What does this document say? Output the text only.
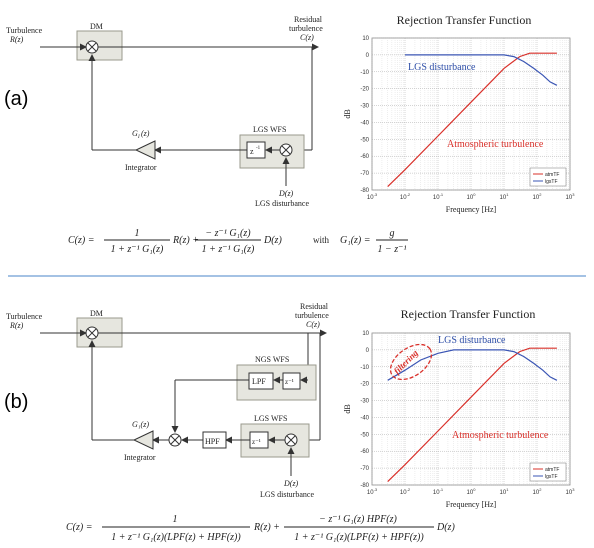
(a)
Turbulence
R(z)
DM
Residual
turbulence
C(z)
LGS WFS
z -1
G I (z)
Integrator
D(z)
LGS disturbance
C(z) =
1
1 + z⁻¹ G₁(z)
R(z) +
− z⁻¹ G₁(z)
1 + z⁻¹ G₁(z)
D(z)	with G₁(z) =
g
1 − z⁻¹
(b)
Turbulence
R(z)
DM
Residual
turbulence
C(z)
NGS WFS
LPF	z⁻¹
HPF
LGS WFS
z⁻¹
G₁(z)
Integrator
D(z)
LGS disturbance
C(z) =
1
1 + z⁻¹ G₁(z)(LPF(z) + HPF(z))
R(z) +
− z⁻¹ G₁(z) HPF(z)
1 + z⁻¹ G₁(z)(LPF(z) + HPF(z))
D(z)
Rejection Transfer Function
$10^{-3}$
$10^{-2}$
$10^{-1}$
$10^0$
$10^1$
$10^2$
$10^3$
10
0
-10
-20
-30
-40
-50
-60
-70
-80
Frequency [Hz]
dB
atmTF
lgsTF
LGS disturbance
Atmospheric turbulence
Rejection Transfer Function
$10^{-3}$
$10^{-2}$
$10^{-1}$
$10^0$
$10^1$
$10^2$
$10^3$
10
0
-10
-20
-30
-40
-50
-60
-70
-80
Frequency [Hz]
dB
atmTF
lgsTF
LGS disturbance
Atmospheric turbulence
filtering
